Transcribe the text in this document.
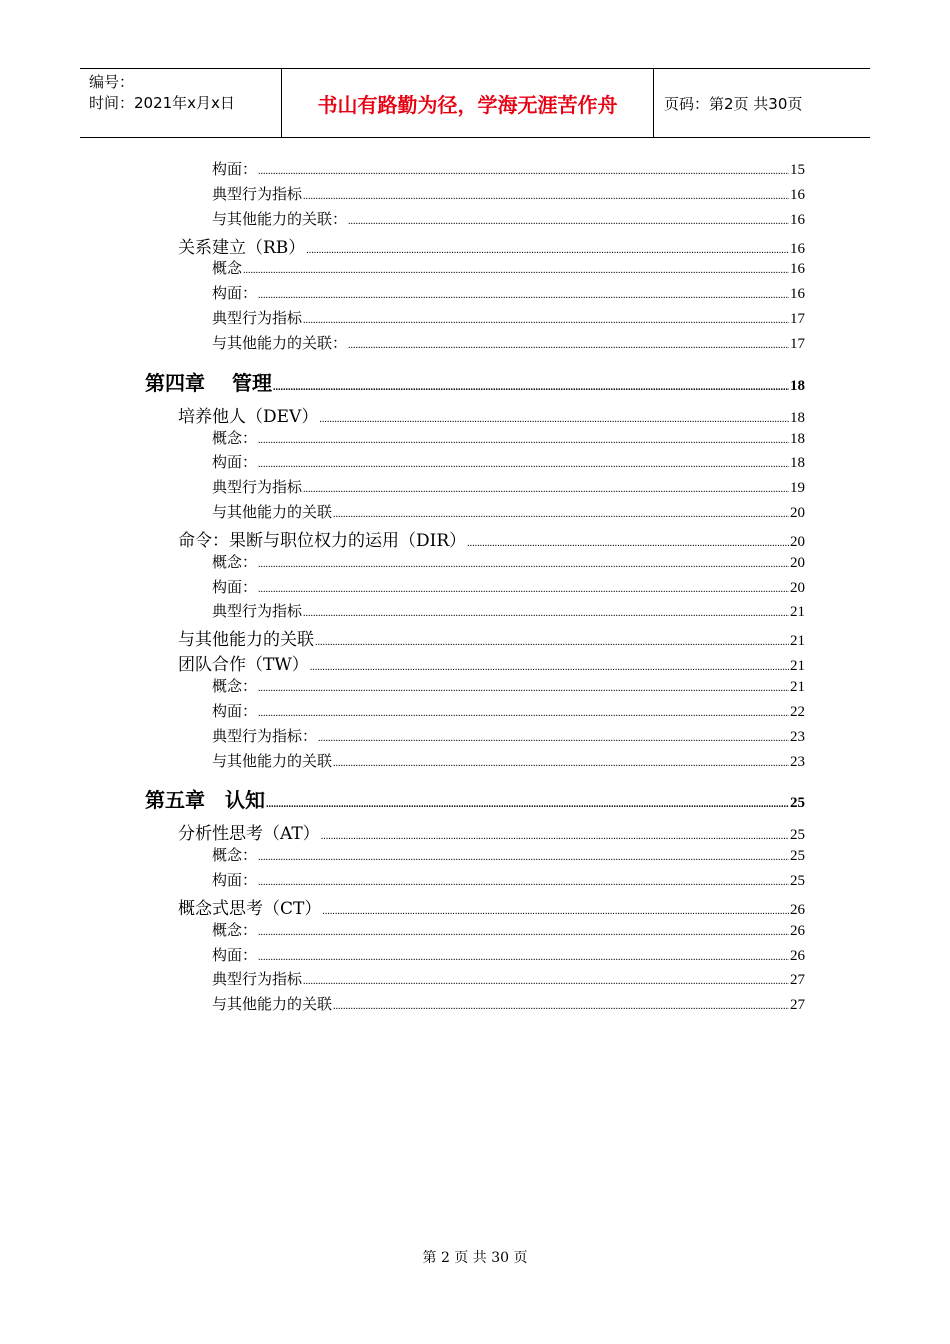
编号：
时间：2021年x月x日	书山有路勤为径，学海无涯苦作舟	页码：第2页 共30页
构面： .....	15
典型行为指标 .....	16
与其他能力的关联： .....	16
关系建立（RB） .....	16
概念 .....	16
构面： .....	16
典型行为指标 .....	17
与其他能力的关联： .....	17
第四章　 管理 .....	18
培养他人（DEV） .....	18
概念： .....	18
构面： .....	18
典型行为指标 .....	19
与其他能力的关联 .....	20
命令：果断与职位权力的运用（DIR） .....	20
概念： .....	20
构面： .....	20
典型行为指标 .....	21
与其他能力的关联 .....	21
团队合作（TW） .....	21
概念： .....	21
构面： .....	22
典型行为指标： .....	23
与其他能力的关联 .....	23
第五章　认知 .....	25
分析性思考（AT） .....	25
概念： .....	25
构面： .....	25
概念式思考（CT） .....	26
概念： .....	26
构面： .....	26
典型行为指标 .....	27
与其他能力的关联 .....	27
第 2 页 共 30 页
